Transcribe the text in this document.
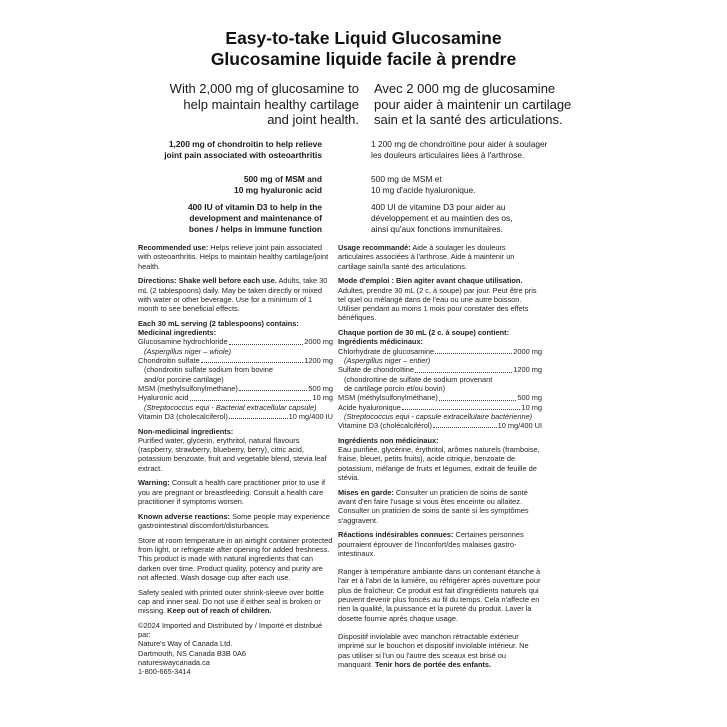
Easy-to-take Liquid Glucosamine
Glucosamine liquide facile à prendre
With 2,000 mg of glucosamine to
help maintain healthy cartilage
and joint health.
Avec 2 000 mg de glucosamine
pour aider à maintenir un cartilage
sain et la santé des articulations.
1,200 mg of chondroitin to help relieve
joint pain associated with osteoarthritis
1 200 mg de chondroïtine pour aider à soulager
les douleurs articulaires liées à l'arthrose.
500 mg of MSM and
10 mg hyaluronic acid
500 mg de MSM et
10 mg d'acide hyaluronique.
400 IU of vitamin D3 to help in the
development and maintenance of
bones / helps in immune function
400 UI de vitamine D3 pour aider au
développement et au maintien des os,
ainsi qu'aux fonctions immunitaires.
Recommended use: Helps relieve joint pain associated with osteoarthritis. Helps to maintain healthy cartilage/joint health.
Directions: Shake well before each use. Adults, take 30 mL (2 tablespoons) daily. May be taken directly or mixed with water or other beverage. Use for a minimum of 1 month to see beneficial effects.
Each 30 mL serving (2 tablespoons) contains:
Medicinal ingredients:
Glucosamine hydrochloride	2000 mg
(Aspergillus niger – whole)
Chondroitin sulfate	1200 mg
(chondroitin sulfate sodium from bovine
and/or porcine cartilage)
MSM (methylsulfonylmethane)	500 mg
Hyaluronic acid	10 mg
(Streptococcus equi - Bacterial extracellular capsule)
Vitamin D3 (cholecalciferol)	10 mg/400 IU
Non-medicinal ingredients:
Purified water, glycerin, erythritol, natural flavours (raspberry, strawberry, blueberry, berry), citric acid, potassium benzoate, fruit and vegetable blend, stevia leaf extract.
Warning: Consult a health care practitioner prior to use if you are pregnant or breastfeeding. Consult a health care practitioner if symptoms worsen.
Known adverse reactions: Some people may experience gastrointestinal discomfort/disturbances.
Store at room temperature in an airtight container protected from light, or refrigerate after opening for added freshness. This product is made with natural ingredients that can darken over time. Product quality, potency and purity are not affected. Wash dosage cup after each use.
Safety sealed with printed outer shrink-sleeve over bottle cap and inner seal. Do not use if either seal is broken or missing. Keep out of reach of children.
©2024 Imported and Distributed by / Importé et distribué par:
Nature's Way of Canada Ltd.
Dartmouth, NS Canada B3B 0A6
natureswaycanada.ca
1-800-665-3414
Usage recommandé: Aide à soulager les douleurs articulaires associées à l'arthrose. Aide à maintenir un cartilage sain/la santé des articulations.
Mode d'emploi : Bien agiter avant chaque utilisation.
Adultes, prendre 30 mL (2 c. à soupe) par jour. Peut être pris tel quel ou mélangé dans de l'eau ou une autre boisson. Utiliser pendant au moins 1 mois pour constater des effets bénéfiques.
Chaque portion de 30 mL (2 c. à soupe) contient:
Ingrédients médicinaux:
Chlorhydrate de glucosamine	2000 mg
(Aspergillus niger – entier)
Sulfate de chondroïtine	1200 mg
(chondroïtine de sulfate de sodium provenant
de cartilage porcin et/ou bovin)
MSM (méthylsulfonylméthane)	500 mg
Acide hyaluronique	10 mg
(Streptococcus equi - capsule extracellulaire bactérienne)
Vitamine D3 (cholécalciférol)	10 mg/400 UI
Ingrédients non médicinaux:
Eau purifiée, glycérine, érythritol, arômes naturels (framboise, fraise, bleuet, petits fruits), acide citrique, benzoate de potassium, mélange de fruits et légumes, extrait de feuille de stévia.
Mises en garde: Consulter un praticien de soins de santé avant d'en faire l'usage si vous êtes enceinte ou allaitez. Consulter un praticien de soins de santé si les symptômes s'aggravent.
Réactions indésirables connues: Certaines personnes pourraient éprouver de l'inconfort/des malaises gastro-intestinaux.
Ranger à température ambiante dans un contenant étanche à l'air et à l'abri de la lumière, ou réfrigérer après ouverture pour plus de fraîcheur. Ce produit est fait d'ingrédients naturels qui peuvent devenir plus foncés au fil du temps. Cela n'affecte en rien la qualité, la puissance et la pureté du produit. Laver la dosette fournie après chaque usage.
Dispositif inviolable avec manchon rétractable extérieur imprimé sur le bouchon et dispositif inviolable intérieur. Ne pas utiliser si l'un ou l'autre des sceaux est brisé ou manquant. Tenir hors de portée des enfants.
